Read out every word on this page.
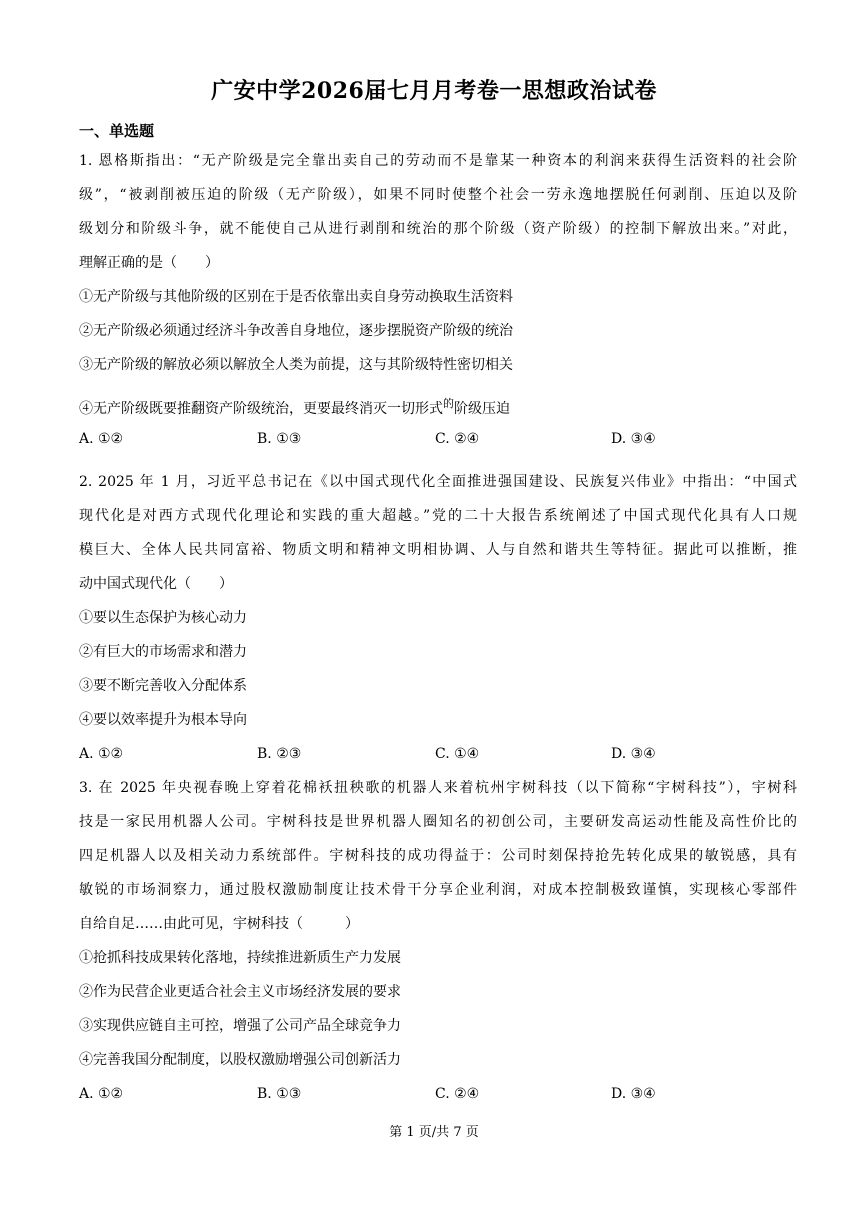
广安中学2026届七月月考卷一思想政治试卷
一、单选题
1. 恩格斯指出：“无产阶级是完全靠出卖自己的劳动而不是靠某一种资本的利润来获得生活资料的社会阶
级”，“被剥削被压迫的阶级（无产阶级），如果不同时使整个社会一劳永逸地摆脱任何剥削、压迫以及阶
级划分和阶级斗争，就不能使自己从进行剥削和统治的那个阶级（资产阶级）的控制下解放出来。”对此，
理解正确的是（　　）
①无产阶级与其他阶级的区别在于是否依靠出卖自身劳动换取生活资料
②无产阶级必须通过经济斗争改善自身地位，逐步摆脱资产阶级的统治
③无产阶级的解放必须以解放全人类为前提，这与其阶级特性密切相关
④无产阶级既要推翻资产阶级统治，更要最终消灭一切形式$^的$阶级压迫
A. ①②	B. ①③	C. ②④	D. ③④
2. 2025 年 1 月，习近平总书记在《以中国式现代化全面推进强国建设、民族复兴伟业》中指出：“中国式
现代化是对西方式现代化理论和实践的重大超越。”党的二十大报告系统阐述了中国式现代化具有人口规
模巨大、全体人民共同富裕、物质文明和精神文明相协调、人与自然和谐共生等特征。据此可以推断，推
动中国式现代化（　　）
①要以生态保护为核心动力
②有巨大的市场需求和潜力
③要不断完善收入分配体系
④要以效率提升为根本导向
A. ①②	B. ②③	C. ①④	D. ③④
3. 在 2025 年央视春晚上穿着花棉袄扭秧歌的机器人来着杭州宇树科技（以下简称“宇树科技”），宇树科
技是一家民用机器人公司。宇树科技是世界机器人圈知名的初创公司，主要研发高运动性能及高性价比的
四足机器人以及相关动力系统部件。宇树科技的成功得益于：公司时刻保持抢先转化成果的敏锐感，具有
敏锐的市场洞察力，通过股权激励制度让技术骨干分享企业利润，对成本控制极致谨慎，实现核心零部件
自给自足……由此可见，宇树科技（　　　）
①抢抓科技成果转化落地，持续推进新质生产力发展
②作为民营企业更适合社会主义市场经济发展的要求
③实现供应链自主可控，增强了公司产品全球竞争力
④完善我国分配制度，以股权激励增强公司创新活力
A. ①②	B. ①③	C. ②④	D. ③④
第 1 页/共 7 页
